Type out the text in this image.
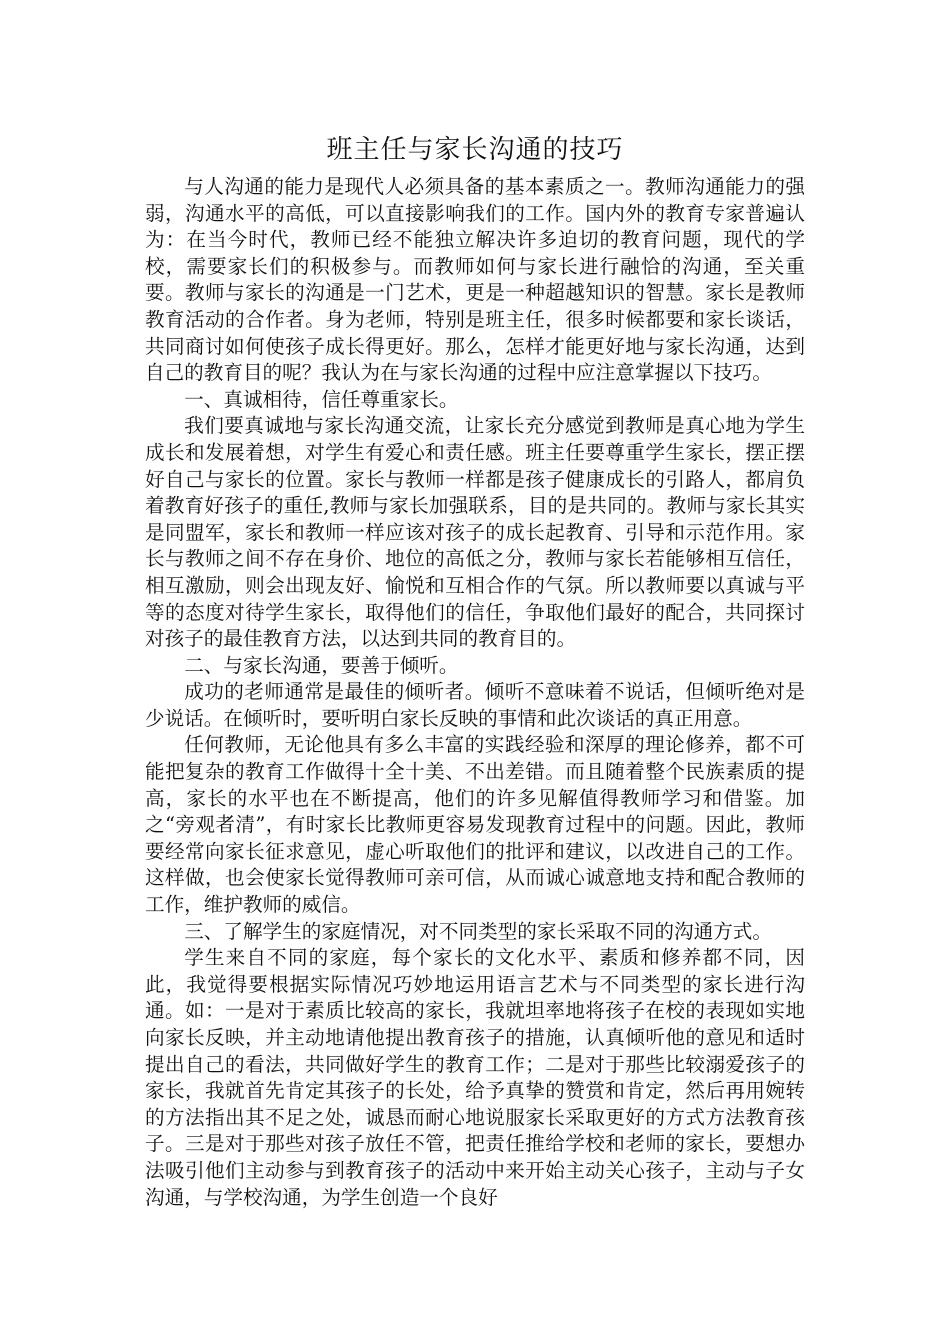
班主任与家长沟通的技巧

与人沟通的能力是现代人必须具备的基本素质之一。教师沟通能力的强弱，沟通水平的高低，可以直接影响我们的工作。国内外的教育专家普遍认为：在当今时代，教师已经不能独立解决许多迫切的教育问题，现代的学校，需要家长们的积极参与。而教师如何与家长进行融恰的沟通，至关重要。教师与家长的沟通是一门艺术，更是一种超越知识的智慧。家长是教师教育活动的合作者。身为老师，特别是班主任，很多时候都要和家长谈话，共同商讨如何使孩子成长得更好。那么，怎样才能更好地与家长沟通，达到自己的教育目的呢？我认为在与家长沟通的过程中应注意掌握以下技巧。

一、真诚相待，信任尊重家长。

我们要真诚地与家长沟通交流，让家长充分感觉到教师是真心地为学生成长和发展着想，对学生有爱心和责任感。班主任要尊重学生家长，摆正摆好自己与家长的位置。家长与教师一样都是孩子健康成长的引路人，都肩负着教育好孩子的重任,教师与家长加强联系，目的是共同的。教师与家长其实是同盟军，家长和教师一样应该对孩子的成长起教育、引导和示范作用。家长与教师之间不存在身价、地位的高低之分，教师与家长若能够相互信任，相互激励，则会出现友好、愉悦和互相合作的气氛。所以教师要以真诚与平等的态度对待学生家长，取得他们的信任，争取他们最好的配合，共同探讨对孩子的最佳教育方法，以达到共同的教育目的。

二、与家长沟通，要善于倾听。

成功的老师通常是最佳的倾听者。倾听不意味着不说话，但倾听绝对是少说话。在倾听时，要听明白家长反映的事情和此次谈话的真正用意。

任何教师，无论他具有多么丰富的实践经验和深厚的理论修养，都不可能把复杂的教育工作做得十全十美、不出差错。而且随着整个民族素质的提高，家长的水平也在不断提高，他们的许多见解值得教师学习和借鉴。加之“旁观者清”，有时家长比教师更容易发现教育过程中的问题。因此，教师要经常向家长征求意见，虚心听取他们的批评和建议，以改进自己的工作。这样做，也会使家长觉得教师可亲可信，从而诚心诚意地支持和配合教师的工作，维护教师的威信。

三、了解学生的家庭情况，对不同类型的家长采取不同的沟通方式。

学生来自不同的家庭，每个家长的文化水平、素质和修养都不同，因此，我觉得要根据实际情况巧妙地运用语言艺术与不同类型的家长进行沟通。如：一是对于素质比较高的家长，我就坦率地将孩子在校的表现如实地向家长反映，并主动地请他提出教育孩子的措施，认真倾听他的意见和适时提出自己的看法，共同做好学生的教育工作；二是对于那些比较溺爱孩子的家长，我就首先肯定其孩子的长处，给予真挚的赞赏和肯定，然后再用婉转的方法指出其不足之处，诚恳而耐心地说服家长采取更好的方式方法教育孩子。三是对于那些对孩子放任不管，把责任推给学校和老师的家长，要想办法吸引他们主动参与到教育孩子的活动中来开始主动关心孩子，主动与子女沟通，与学校沟通，为学生创造一个良好
